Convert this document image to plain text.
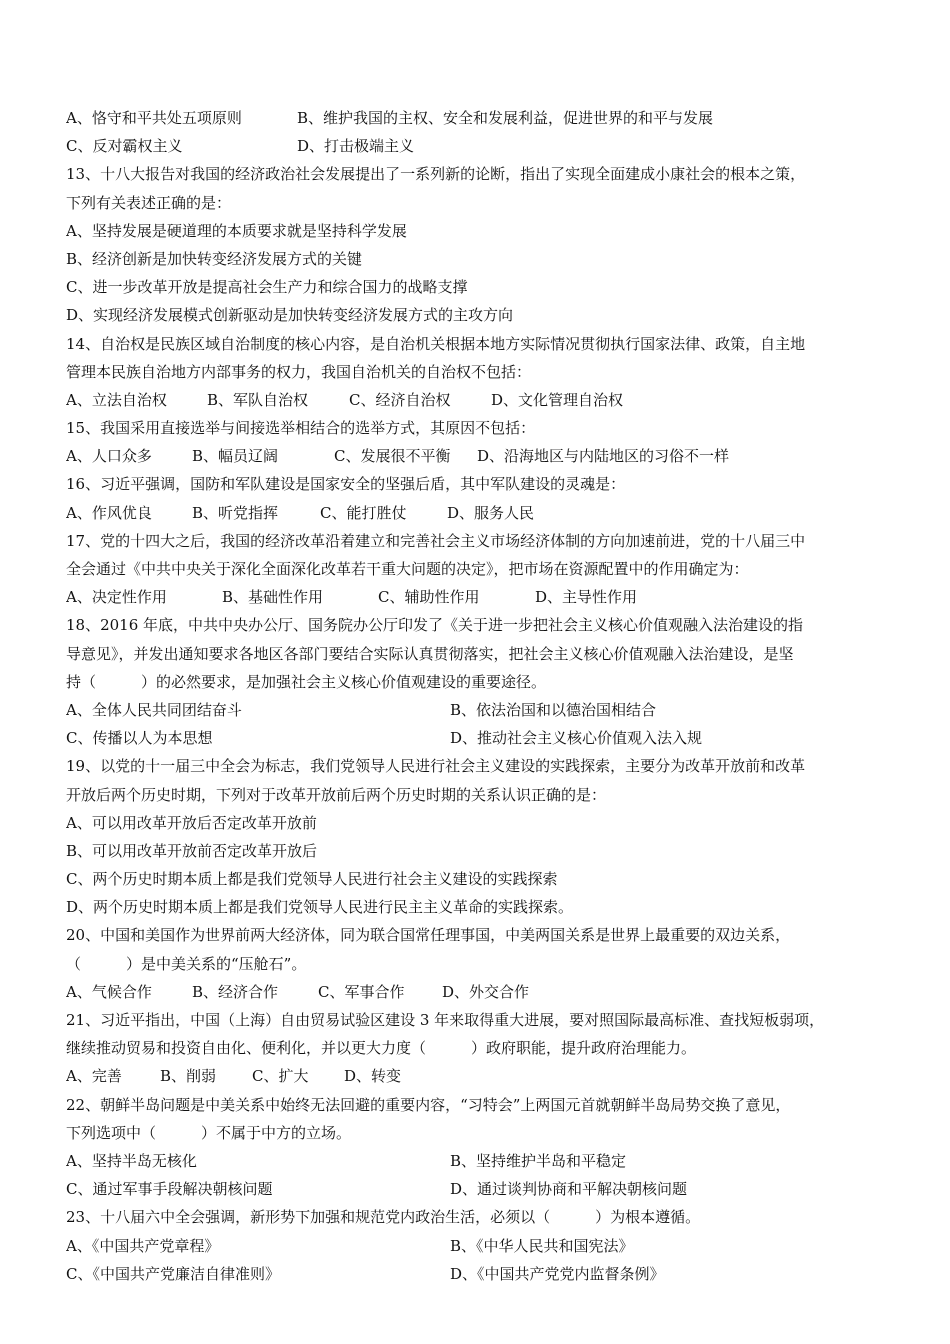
A、恪守和平共处五项原则

	B、维护我国的主权、安全和发展利益，促进世界的和平与发展

C、反对霸权主义

	D、打击极端主义

13、十八大报告对我国的经济政治社会发展提出了一系列新的论断，指出了实现全面建成小康社会的根本之策，
下列有关表述正确的是：
A、坚持发展是硬道理的本质要求就是坚持科学发展
B、经济创新是加快转变经济发展方式的关键
C、进一步改革开放是提高社会生产力和综合国力的战略支撑
D、实现经济发展模式创新驱动是加快转变经济发展方式的主攻方向
14、自治权是民族区域自治制度的核心内容，是自治机关根据本地方实际情况贯彻执行国家法律、政策，自主地
管理本民族自治地方内部事务的权力，我国自治机关的自治权不包括：

A、立法自治权

	B、军队自治权

	C、经济自治权

	D、文化管理自治权

15、我国采用直接选举与间接选举相结合的选举方式，其原因不包括：

A、人口众多

	B、幅员辽阔

	C、发展很不平衡

D、沿海地区与内陆地区的习俗不一样

16、习近平强调，国防和军队建设是国家安全的坚强后盾，其中军队建设的灵魂是：

A、作风优良

	B、听党指挥

	C、能打胜仗

	D、服务人民

17、党的十四大之后，我国的经济改革沿着建立和完善社会主义市场经济体制的方向加速前进，党的十八届三中
全会通过《中共中央关于深化全面深化改革若干重大问题的决定》，把市场在资源配置中的作用确定为：

A、决定性作用

	B、基础性作用

	C、辅助性作用

	D、主导性作用

18、2016 年底，中共中央办公厅、国务院办公厅印发了《关于进一步把社会主义核心价值观融入法治建设的指
导意见》，并发出通知要求各地区各部门要结合实际认真贯彻落实，把社会主义核心价值观融入法治建设，是坚
持（　　　）的必然要求，是加强社会主义核心价值观建设的重要途径。

A、全体人民共同团结奋斗

	B、依法治国和以德治国相结合

C、传播以人为本思想

	D、推动社会主义核心价值观入法入规

19、以党的十一届三中全会为标志，我们党领导人民进行社会主义建设的实践探索，主要分为改革开放前和改革
开放后两个历史时期，下列对于改革开放前后两个历史时期的关系认识正确的是：
A、可以用改革开放后否定改革开放前
B、可以用改革开放前否定改革开放后
C、两个历史时期本质上都是我们党领导人民进行社会主义建设的实践探索
D、两个历史时期本质上都是我们党领导人民进行民主主义革命的实践探索。
20、中国和美国作为世界前两大经济体，同为联合国常任理事国，中美两国关系是世界上最重要的双边关系，
（　　　）是中美关系的“压舱石”。

A、气候合作

	B、经济合作

	C、军事合作

	D、外交合作

21、习近平指出，中国（上海）自由贸易试验区建设 3 年来取得重大进展，要对照国际最高标准、查找短板弱项，
继续推动贸易和投资自由化、便利化，并以更大力度（　　　）政府职能，提升政府治理能力。

A、完善

	B、削弱

C、扩大

D、转变

22、朝鲜半岛问题是中美关系中始终无法回避的重要内容，“习特会”上两国元首就朝鲜半岛局势交换了意见，
下列选项中（　　　）不属于中方的立场。

A、坚持半岛无核化

	B、坚持维护半岛和平稳定

C、通过军事手段解决朝核问题

	D、通过谈判协商和平解决朝核问题

23、十八届六中全会强调，新形势下加强和规范党内政治生活，必须以（　　　）为根本遵循。

A、《中国共产党章程》

	B、《中华人民共和国宪法》

C、《中国共产党廉洁自律准则》

	D、《中国共产党党内监督条例》
